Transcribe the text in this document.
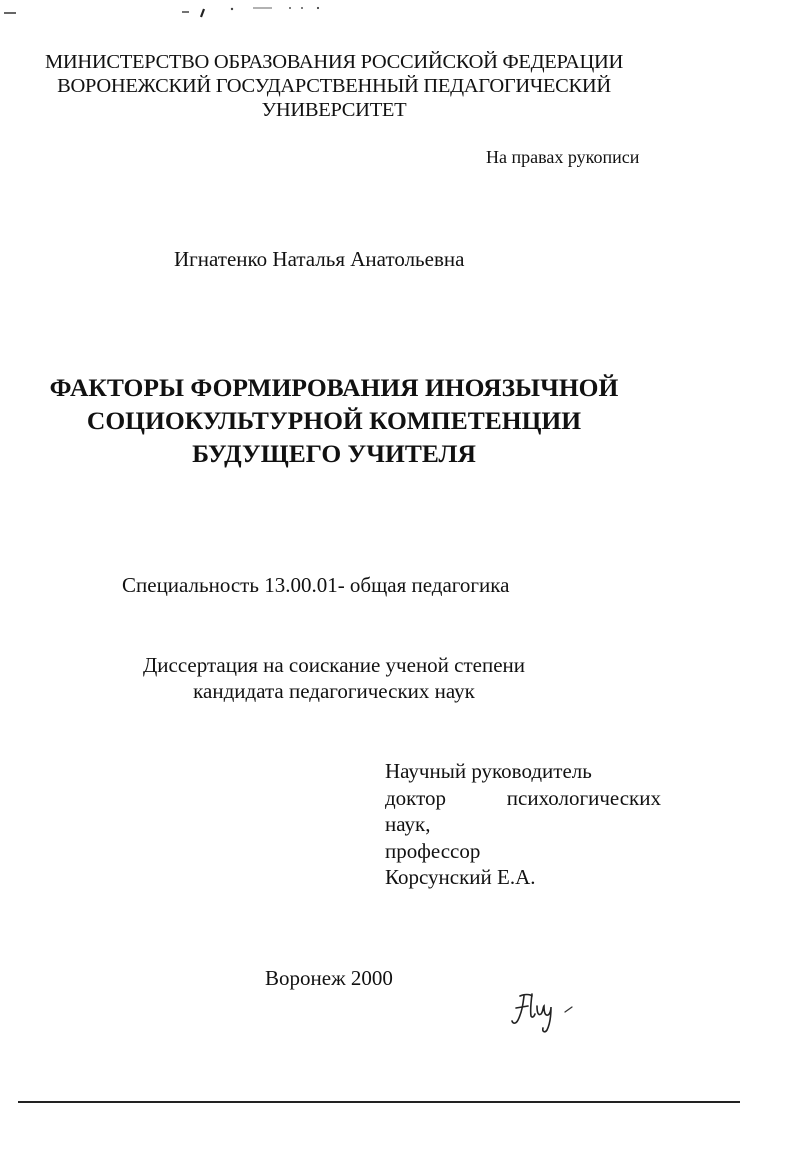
МИНИСТЕРСТВО ОБРАЗОВАНИЯ РОССИЙСКОЙ ФЕДЕРАЦИИ
ВОРОНЕЖСКИЙ ГОСУДАРСТВЕННЫЙ ПЕДАГОГИЧЕСКИЙ
УНИВЕРСИТЕТ
На правах рукописи
Игнатенко Наталья Анатольевна
ФАКТОРЫ ФОРМИРОВАНИЯ ИНОЯЗЫЧНОЙ
СОЦИОКУЛЬТУРНОЙ КОМПЕТЕНЦИИ
БУДУЩЕГО УЧИТЕЛЯ
Специальность 13.00.01- общая педагогика
Диссертация на соискание ученой степени
кандидата педагогических наук
Научный руководитель
доктор	психологических
наук,
профессор
Корсунский Е.А.
Воронеж 2000
